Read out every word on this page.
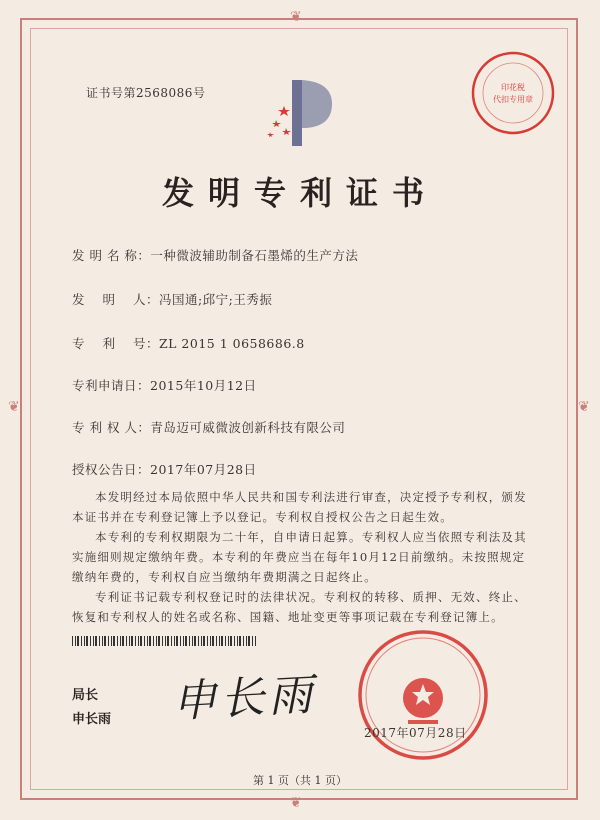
❦
❦
❦	❦
证书号第2568086号	印花税
代扣专用章
发明专利证书
发 明 名 称：一种微波辅助制备石墨烯的生产方法
发　 明　 人：冯国通;邱宁;王秀振
专　 利　 号：ZL 2015 1 0658686.8
专利申请日：2015年10月12日
专 利 权 人：青岛迈可威微波创新科技有限公司
授权公告日：2017年07月28日

本发明经过本局依照中华人民共和国专利法进行审查，决定授予专利权，颁发本证书并在专利登记簿上予以登记。专利权自授权公告之日起生效。

本专利的专利权期限为二十年，自申请日起算。专利权人应当依照专利法及其实施细则规定缴纳年费。本专利的年费应当在每年10月12日前缴纳。未按照规定缴纳年费的，专利权自应当缴纳年费期满之日起终止。

专利证书记载专利权登记时的法律状况。专利权的转移、质押、无效、终止、恢复和专利权人的姓名或名称、国籍、地址变更等事项记载在专利登记簿上。

局长
申长雨 申长雨
2017年07月28日
第 1 页（共 1 页）
